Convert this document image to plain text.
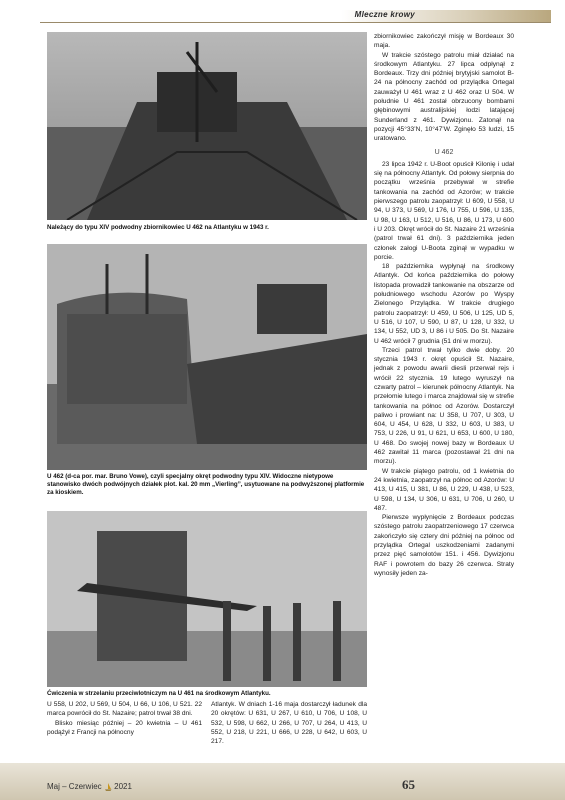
Mleczne krowy
Należący do typu XIV podwodny zbiornikowiec U 462 na Atlantyku w 1943 r.
U 462 (d-ca por. mar. Bruno Vowe), czyli specjalny okręt podwodny typu XIV. Widoczne nietypowe stanowisko dwóch podwójnych działek plot. kal. 20 mm „Vierling”, usytuowane na podwyższonej platformie za kioskiem.
Ćwiczenia w strzelaniu przeciwlotniczym na U 461 na środkowym Atlantyku.

zbiornikowiec zakończył misję w Bordeaux 30 maja.

W trakcie szóstego patrolu miał działać na środkowym Atlantyku. 27 lipca odpłynął z Bordeaux. Trzy dni później brytyjski samolot B-24 na północny zachód od przylądka Ortegal zauważył U 461 wraz z U 462 oraz U 504. W południe U 461 został obrzucony bombami głębinowymi australijskiej łodzi latającej Sunderland z 461. Dywizjonu. Zatonął na pozycji 45°33’N, 10°47’W. Zginęło 53 ludzi, 15 uratowano.

U 462

23 lipca 1942 r. U-Boot opuścił Kilonię i udał się na północny Atlantyk. Od połowy sierpnia do początku września przebywał w strefie tankowania na zachód od Azorów; w trakcie pierwszego patrolu zaopatrzył: U 609, U 558, U 94, U 373, U 569, U 176, U 755, U 596, U 135, U 98, U 163, U 512, U 516, U 86, U 173, U 600 i U 203. Okręt wrócił do St. Nazaire 21 września (patrol trwał 61 dni). 3 października jeden członek załogi U-Boota zginął w wypadku w porcie.

18 października wypłynął na środkowy Atlantyk. Od końca października do połowy listopada prowadził tankowanie na obszarze od południowego wschodu Azorów po Wyspy Zielonego Przylądka. W trakcie drugiego patrolu zaopatrzył: U 459, U 506, U 125, UD 5, U 516, U 107, U 590, U 87, U 128, U 332, U 134, U 552, UD 3, U 86 i U 505. Do St. Nazaire U 462 wrócił 7 grudnia (51 dni w morzu).

Trzeci patrol trwał tylko dwie doby. 20 stycznia 1943 r. okręt opuścił St. Nazaire, jednak z powodu awarii diesli przerwał rejs i wrócił 22 stycznia. 19 lutego wyruszył na czwarty patrol – kierunek północny Atlantyk. Na przełomie lutego i marca znajdował się w strefie tankowania na północ od Azorów. Dostarczył paliwo i prowiant na: U 358, U 707, U 303, U 604, U 454, U 628, U 332, U 603, U 383, U 753, U 226, U 91, U 621, U 653, U 600, U 180, U 468. Do swojej nowej bazy w Bordeaux U 462 zawitał 11 marca (pozostawał 21 dni na morzu).

W trakcie piątego patrolu, od 1 kwietnia do 24 kwietnia, zaopatrzył na północ od Azorów: U 413, U 415, U 381, U 86, U 229, U 438, U 523, U 598, U 134, U 306, U 631, U 706, U 260, U 487.

Pierwsze wypłynięcie z Bordeaux podczas szóstego patrolu zaopatrzeniowego 17 czerwca zakończyło się cztery dni później na północ od przylądka Ortegal uszkodzeniami zadanymi przez pięć samolotów 151. i 456. Dywizjonu RAF i powrotem do bazy 26 czerwca. Straty wynosiły jeden za-

U 558, U 202, U 569, U 504, U 66, U 106, U 521. 22 marca powrócił do St. Nazaire; patrol trwał 38 dni.

Blisko miesiąc później – 20 kwietnia – U 461 podążył z Francji na północny

Atlantyk. W dniach 1-16 maja dostarczył ładunek dla 20 okrętów: U 631, U 267, U 610, U 706, U 108, U 532, U 598, U 662, U 266, U 707, U 264, U 413, U 552, U 218, U 221, U 666, U 228, U 642, U 603, U 217.

Maj – Czerwiec 2021	65
